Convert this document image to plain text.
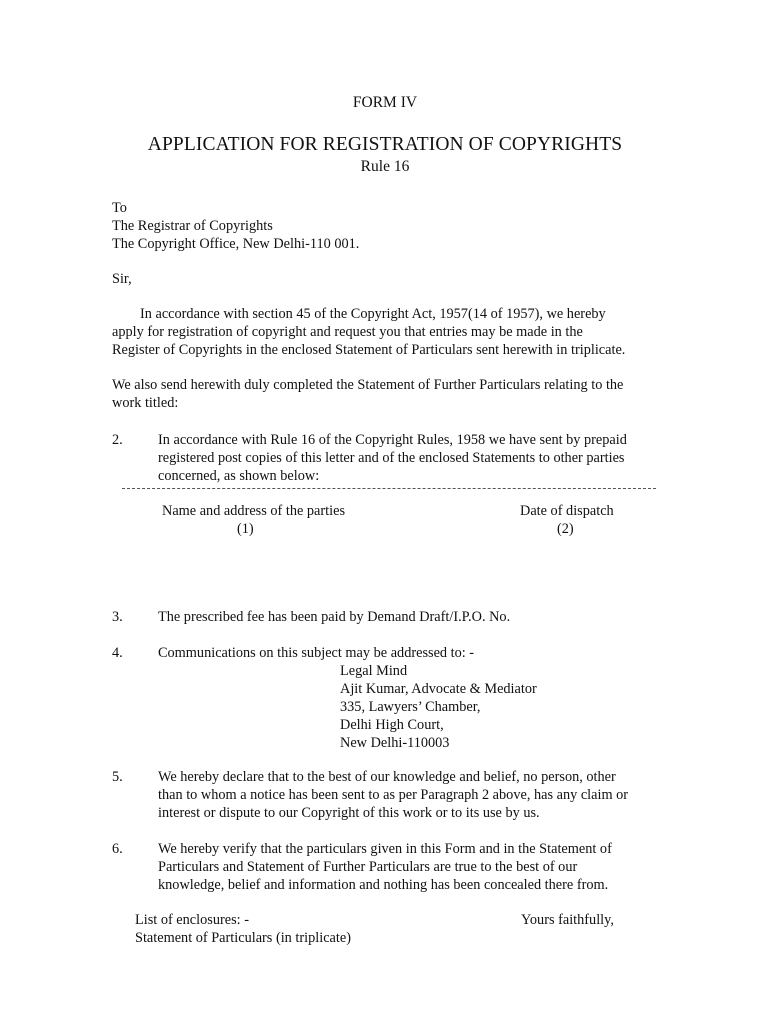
FORM IV
APPLICATION FOR REGISTRATION OF COPYRIGHTS
Rule 16
To
The Registrar of Copyrights
The Copyright Office, New Delhi-110 001.
Sir,
In accordance with section 45 of the Copyright Act, 1957(14 of 1957), we hereby
apply for registration of copyright and request you that entries may be made in the
Register of Copyrights in the enclosed Statement of Particulars sent herewith in triplicate.
We also send herewith duly completed the Statement of Further Particulars relating to the
work titled:
2. In accordance with Rule 16 of the Copyright Rules, 1958 we have sent by prepaid
registered post copies of this letter and of the enclosed Statements to other parties
concerned, as shown below:
Name and address of the parties
(1)
Date of dispatch
(2)
3. The prescribed fee has been paid by Demand Draft/I.P.O. No.
4. Communications on this subject may be addressed to: -
Legal Mind
Ajit Kumar, Advocate & Mediator
335, Lawyers’ Chamber,
Delhi High Court,
New Delhi-110003
5. We hereby declare that to the best of our knowledge and belief, no person, other
than to whom a notice has been sent to as per Paragraph 2 above, has any claim or
interest or dispute to our Copyright of this work or to its use by us.
6. We hereby verify that the particulars given in this Form and in the Statement of
Particulars and Statement of Further Particulars are true to the best of our
knowledge, belief and information and nothing has been concealed there from.
List of enclosures: -
Statement of Particulars (in triplicate)
Yours faithfully,
